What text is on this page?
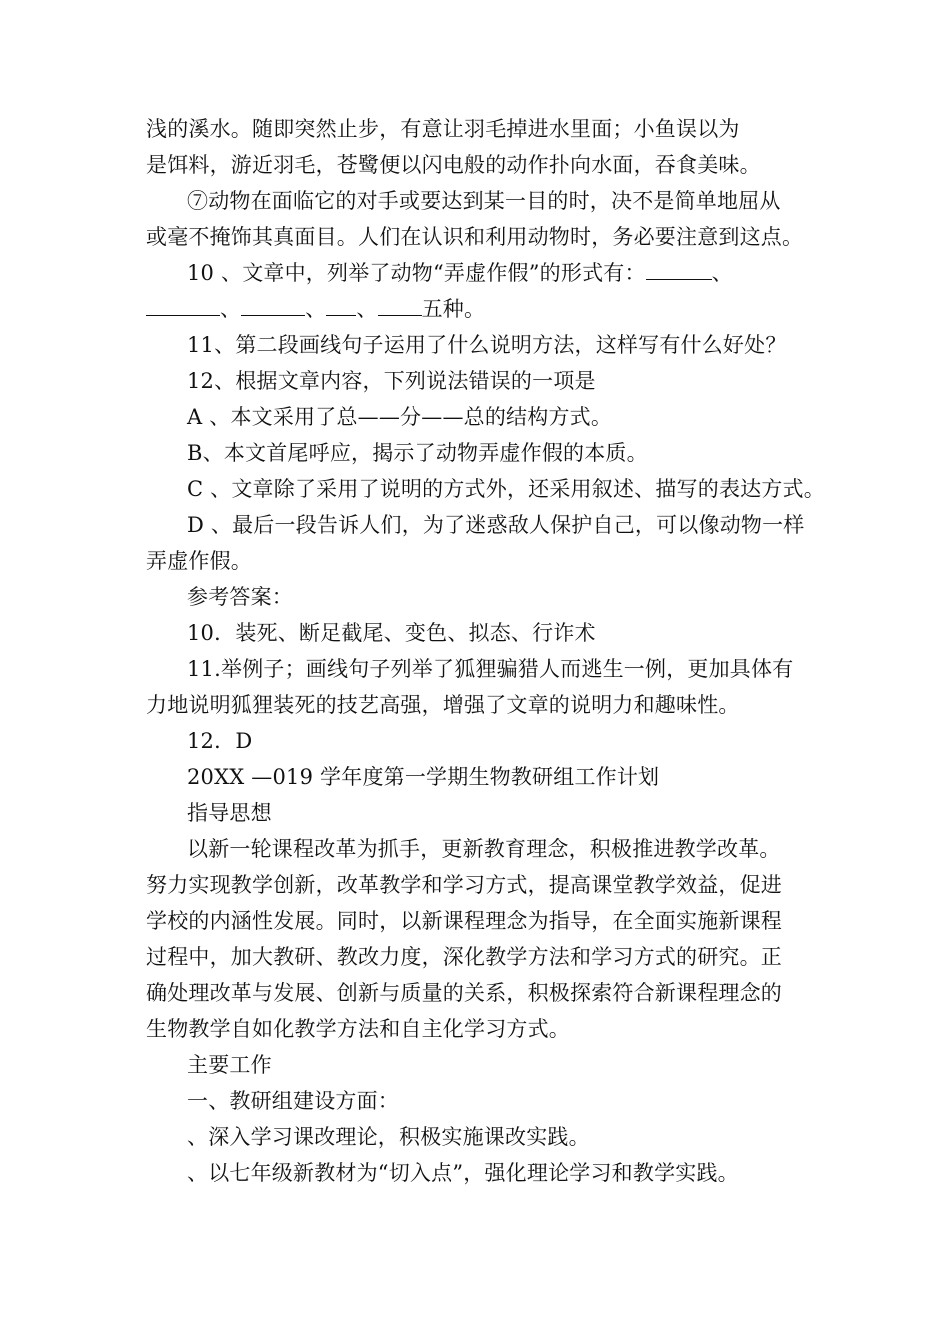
浅的溪水。随即突然止步，有意让羽毛掉进水里面；小鱼误以为
是饵料，游近羽毛，苍鹭便以闪电般的动作扑向水面，吞食美味。
⑦动物在面临它的对手或要达到某一目的时，决不是简单地屈从
或毫不掩饰其真面目。人们在认识和利用动物时，务必要注意到这点。
10 、文章中，列举了动物“弄虚作假”的形式有：	、
、	、 、 五种。
11、第二段画线句子运用了什么说明方法，这样写有什么好处？
12、根据文章内容，下列说法错误的一项是
A 、本文采用了总——分——总的结构方式。
B、本文首尾呼应，揭示了动物弄虚作假的本质。
C 、文章除了采用了说明的方式外，还采用叙述、描写的表达方式。
D 、最后一段告诉人们，为了迷惑敌人保护自己，可以像动物一样
弄虚作假。
参考答案：
10．装死、断足截尾、变色、拟态、行诈术
11.举例子；画线句子列举了狐狸骗猎人而逃生一例，更加具体有
力地说明狐狸装死的技艺高强，增强了文章的说明力和趣味性。
12．D
20XX —019 学年度第一学期生物教研组工作计划
指导思想
以新一轮课程改革为抓手，更新教育理念，积极推进教学改革。
努力实现教学创新，改革教学和学习方式，提高课堂教学效益，促进
学校的内涵性发展。同时，以新课程理念为指导，在全面实施新课程
过程中，加大教研、教改力度，深化教学方法和学习方式的研究。正
确处理改革与发展、创新与质量的关系，积极探索符合新课程理念的
生物教学自如化教学方法和自主化学习方式。
主要工作
一、教研组建设方面：
、深入学习课改理论，积极实施课改实践。
、以七年级新教材为“切入点”，强化理论学习和教学实践。
